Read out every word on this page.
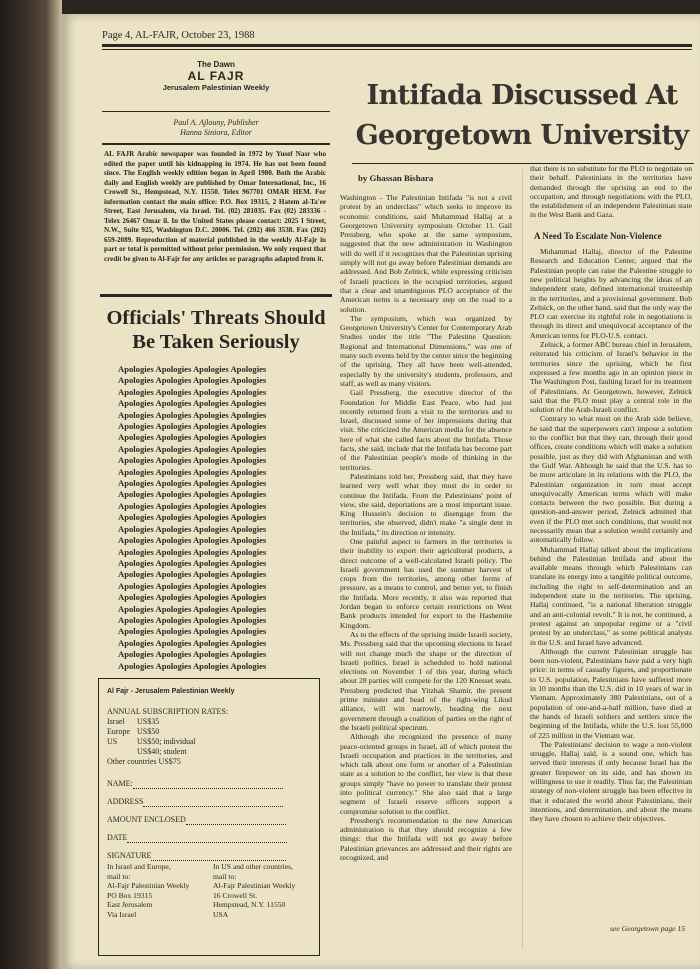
Page 4, AL-FAJR, October 23, 1988
The Dawn
AL FAJR
Jerusalem Palestinian Weekly
Paul A. Ajlouny, Publisher
Hanna Siniora, Editor
AL FAJR Arabic newspaper was founded in 1972 by Yusef Nasr who edited the paper until his kidnapping in 1974. He has not been found since. The English weekly edition began in April 1980. Both the Arabic daily and English weekly are published by Omar International, Inc., 16 Crowell St., Hempstead, N.Y. 11550. Telex 967701 OMAR HEM. For information contact the main office: P.O. Box 19315, 2 Hatem al-Ta'ee Street, East Jerusalem, via Israel. Tel. (02) 281035. Fax (02) 283336 - Telex 26467 Omar il. In the United States please contact: 2025 I Street, N.W., Suite 925, Washington D.C. 20006. Tel. (202) 466 3538. Fax (202) 659-2089. Reproduction of material published in the weekly Al-Fajr in part or total is permitted without prior permission. We only request that credit be given to Al-Fajr for any articles or paragraphs adapted from it.
Officials' Threats Should Be Taken Seriously
Apologies Apologies Apologies Apologies
Apologies Apologies Apologies Apologies
Apologies Apologies Apologies Apologies
Apologies Apologies Apologies Apologies
Apologies Apologies Apologies Apologies
Apologies Apologies Apologies Apologies
Apologies Apologies Apologies Apologies
Apologies Apologies Apologies Apologies
Apologies Apologies Apologies Apologies
Apologies Apologies Apologies Apologies
Apologies Apologies Apologies Apologies
Apologies Apologies Apologies Apologies
Apologies Apologies Apologies Apologies
Apologies Apologies Apologies Apologies
Apologies Apologies Apologies Apologies
Apologies Apologies Apologies Apologies
Apologies Apologies Apologies Apologies
Apologies Apologies Apologies Apologies
Apologies Apologies Apologies Apologies
Apologies Apologies Apologies Apologies
Apologies Apologies Apologies Apologies
Apologies Apologies Apologies Apologies
Apologies Apologies Apologies Apologies
Apologies Apologies Apologies Apologies
Apologies Apologies Apologies Apologies
Apologies Apologies Apologies Apologies
Apologies Apologies Apologies Apologies
Al Fajr - Jerusalem Palestinian Weekly
ANNUAL SUBSCRIPTION RATES:
Israel US$35
Europe US$50
US US$50; individual
US$40; student
Other countries US$75
NAME:
ADDRESS
AMOUNT ENCLOSED
DATE
SIGNATURE
In Israel and Europe,
mail to:
Al-Fajr Palestinian Weekly
PO Box 19315
East Jerusalem
Via Israel
In US and other countries,
mail to:
Al-Fajr Palestinian Weekly
16 Crowell St.
Hempstead, N.Y. 11550
USA
Intifada Discussed At Georgetown University
by Ghassan Bishara

Washington - The Palestinian Intifada "is not a civil protest by an underclass" which seeks to improve its economic conditions, said Muhammad Hallaj at a Georgetown University symposium October 11. Gail Pressberg, who spoke at the same symposium, suggested that the new administration in Washington will do well if it recognizes that the Palestinian uprising simply will not go away before Palestinian demands are addressed. And Bob Zelnick, while expressing criticism of Israeli practices in the occupied territories, argued that a clear and unambiguous PLO acceptance of the American terms is a necessary step on the road to a solution.

The symposium, which was organized by Georgetown University's Center for Contemporary Arab Studies under the title "The Palestine Question: Regional and International Dimensions," was one of many such events held by the center since the beginning of the uprising. They all have been well-attended, especially by the university's students, professors, and staff, as well as many visitors.

Gail Pressberg, the executive director of the Foundation for Middle East Peace, who had just recently returned from a visit to the territories and to Israel, discussed some of her impressions during that visit. She criticized the American media for the absence here of what she called facts about the Intifada. Those facts, she said, include that the Intifada has become part of the Palestinian people's mode of thinking in the territories.

Palestinians told her, Pressberg said, that they have learned very well what they must do in order to continue the Intifada. From the Palestinians' point of view, she said, deportations are a most important issue. King Hussein's decision to disengage from the territories, she observed, didn't make "a single dent in the Intifada," its direction or intensity.

One painful aspect to farmers in the territories is their inability to export their agricultural products, a direct outcome of a well-calculated Israeli policy. The Israeli government has used the summer harvest of crops from the territories, among other forms of pressure, as a means to control, and better yet, to finish the Intifada. More recently, it also was reported that Jordan began to enforce certain restrictions on West Bank products intended for export to the Hashemite Kingdom.

As to the effects of the uprising inside Israeli society, Ms. Pressberg said that the upcoming elections in Israel will not change much the shape or the direction of Israeli politics. Israel is scheduled to hold national elections on November 1 of this year, during which about 28 parties will compete for the 120 Knesset seats. Pressberg predicted that Yitzhak Shamir, the present prime minister and head of the right-wing Likud alliance, will win narrowly, heading the next government through a coalition of parties on the right of the Israeli political spectrum.

Although she recognized the presence of many peace-oriented groups in Israel, all of which protest the Israeli occupation and practices in the territories, and which talk about one form or another of a Palestinian state as a solution to the conflict, her view is that these groups simply "have no power to translate their protest into political currency." She also said that a large segment of Israeli reserve officers support a compromise solution to the conflict.

Pressberg's recommendation to the new American administration is that they should recognize a few things: that the Intifada will not go away before Palestinian grievances are addressed and their rights are recognized, and

that there is no substitute for the PLO to negotiate on their behalf. Palestinians in the territories have demanded through the uprising an end to the occupation, and through negotiations with the PLO, the establishment of an independent Palestinian state in the West Bank and Gaza.

A Need To Escalate Non-Violence

Muhammad Hallaj, director of the Palestine Research and Education Center, argued that the Palestinian people can raise the Palestine struggle to new political heights by advancing the ideas of an independent state, defined international trusteeship in the territories, and a provisional government. Bob Zelnick, on the other hand, said that the only way the PLO can exercise its rightful role in negotiations is through its direct and unequivocal acceptance of the American terms for PLO-U.S. contact.

Zelnick, a former ABC bureau chief in Jerusalem, reiterated his criticism of Israel's behavior in the territories since the uprising, which he first expressed a few months ago in an opinion piece in The Washington Post, faulting Israel for its treatment of Palestinians. At Georgetown, however, Zelnick said that the PLO must play a central role in the solution of the Arab-Israeli conflict.

Contrary to what most on the Arab side believe, he said that the superpowers can't impose a solution to the conflict but that they can, through their good offices, create conditions which will make a solution possible, just as they did with Afghanistan and with the Gulf War. Although he said that the U.S. has to be more articulate in its relations with the PLO, the Palestinian organization in turn must accept unequivocally American terms which will make contacts between the two possible. But during a question-and-answer period, Zelnick admitted that even if the PLO met such conditions, that would not necessarily mean that a solution would certainly and automatically follow.

Muhammad Hallaj talked about the implications behind the Palestinian Intifada and about the available means through which Palestinians can translate its energy into a tangible political outcome, including the right to self-determination and an independent state in the territories. The uprising, Hallaj continued, "is a national liberation struggle and an anti-colonial revolt." It is not, he continued, a protest against an unpopular regime or a "civil protest by an underclass," as some political analysts in the U.S. and Israel have advanced.

Although the current Palestinian struggle has been non-violent, Palestinians have paid a very high price: in terms of casualty figures, and proportionate to U.S. population, Palestinians have suffered more in 10 months than the U.S. did in 10 years of war in Vietnam. Approximately 380 Palestinians, out of a population of one-and-a-half million, have died at the hands of Israeli soldiers and settlers since the beginning of the Intifada, while the U.S. lost 55,000 of 225 million in the Vietnam war.

The Palestinians' decision to wage a non-violent struggle, Hallaj said, is a sound one, which has served their interests if only because Israel has the greater firepower on its side, and has shown its willingness to use it readily. Thus far, the Palestinian strategy of non-violent struggle has been effective in that it educated the world about Palestinians, their intentions, and determination, and about the means they have chosen to achieve their objectives.

see Georgetown page 15
